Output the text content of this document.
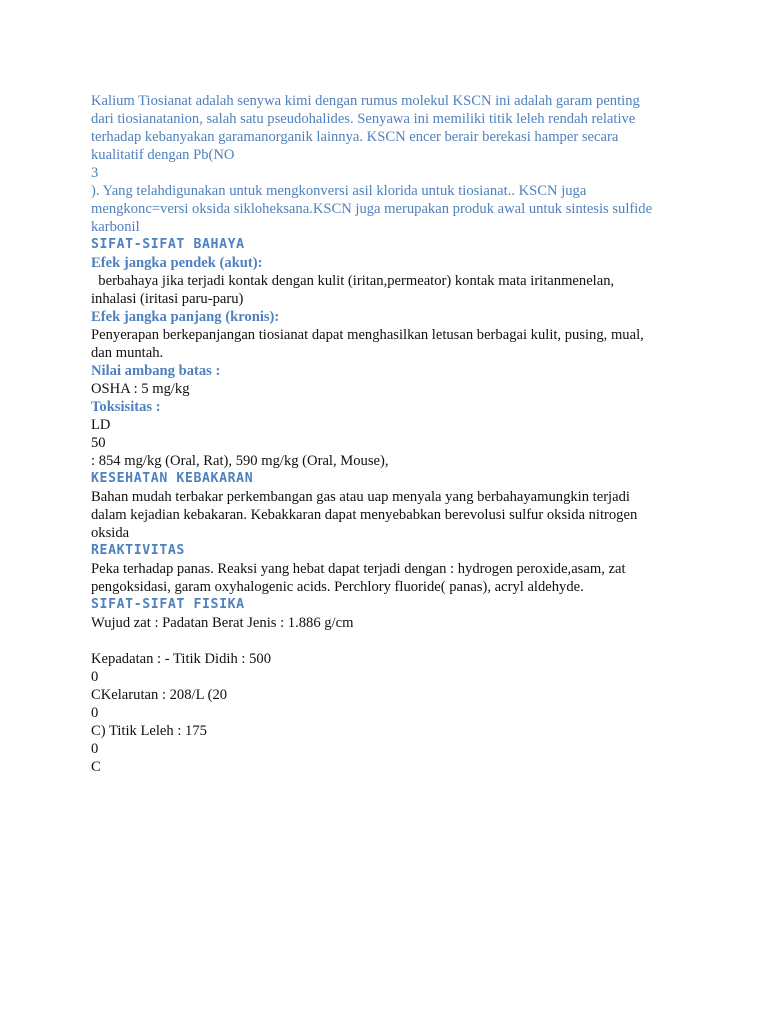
Kalium Tiosianat adalah senywa kimi dengan rumus molekul KSCN ini adalah garam penting
dari tiosianatanion, salah satu pseudohalides. Senyawa ini memiliki titik leleh rendah relative
terhadap kebanyakan garamanorganik lainnya. KSCN encer berair berekasi hamper secara
kualitatif dengan Pb(NO
3
). Yang telahdigunakan untuk mengkonversi asil klorida untuk tiosianat.. KSCN juga
mengkonc=versi oksida sikloheksana.KSCN juga merupakan produk awal untuk sintesis sulfide
karbonil
SIFAT-SIFAT BAHAYA
Efek jangka pendek (akut):
berbahaya jika terjadi kontak dengan kulit (iritan,permeator) kontak mata iritanmenelan,
inhalasi (iritasi paru-paru)
Efek jangka panjang (kronis):
Penyerapan berkepanjangan tiosianat dapat menghasilkan letusan berbagai kulit, pusing, mual,
dan muntah.
Nilai ambang batas :
OSHA : 5 mg/kg
Toksisitas :
LD
50
: 854 mg/kg (Oral, Rat), 590 mg/kg (Oral, Mouse),
KESEHATAN KEBAKARAN
Bahan mudah terbakar perkembangan gas atau uap menyala yang berbahayamungkin terjadi
dalam kejadian kebakaran. Kebakkaran dapat menyebabkan berevolusi sulfur oksida nitrogen
oksida
REAKTIVITAS
Peka terhadap panas. Reaksi yang hebat dapat terjadi dengan : hydrogen peroxide,asam, zat
pengoksidasi, garam oxyhalogenic acids. Perchlory fluoride( panas), acryl aldehyde.
SIFAT-SIFAT FISIKA
Wujud zat : Padatan Berat Jenis : 1.886 g/cm
Kepadatan : - Titik Didih : 500
0
CKelarutan : 208/L (20
0
C) Titik Leleh : 175
0
C
